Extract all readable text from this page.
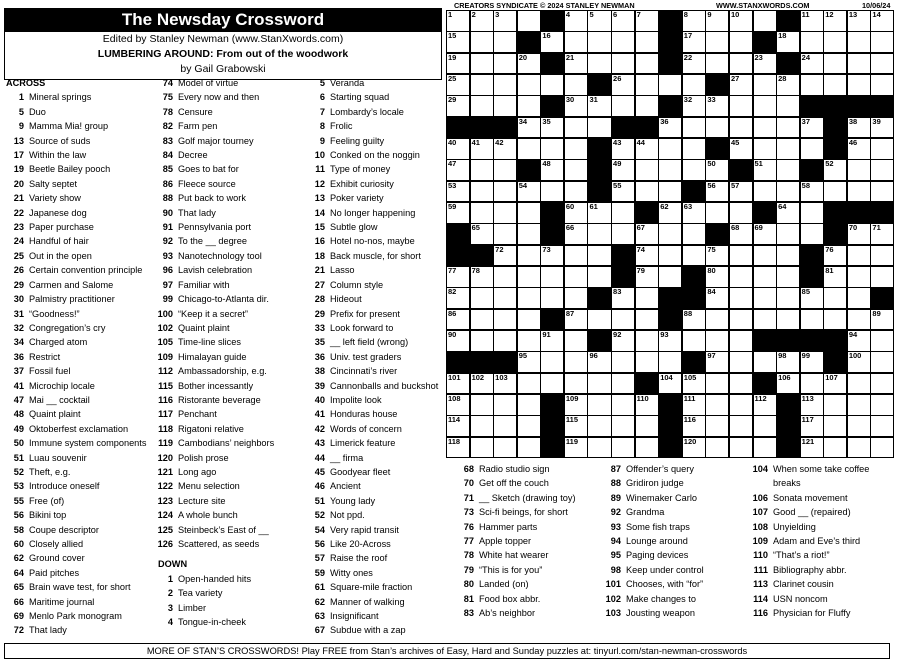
The Newsday Crossword
Edited by Stanley Newman (www.StanXwords.com)
LUMBERING AROUND: From out of the woodwork
by Gail Grabowski
CREATORS SYNDICATE © 2024 STANLEY NEWMAN	WWW.STANXWORDS.COM	10/06/24
1	2	3	4	5	6	7	8	9	10	11 12 13 14
15	16	17	18
19	20	21	22	23	24
25	26	27	28
29	30 31	32 33
34 35	36	37	38 39
40 41 42	43 44	45	46
47	48	49	50	51	52
53	54	55	56 57	58
59	60 61	62 63	64
65	66	67	68 69	70 71
72	73	74	75	76
77 78	79	80	81
82	83	84	85
86	87	88	89
90	91	92	93	94
95	96	97	98 99	100
101 102 103	104 105	106	107
108	109	110	111	112	113
114	115	116	117
118	119	120	121
ACROSS
1 Mineral springs
5 Duo
9 Mamma Mia! group
13 Source of suds
17 Within the law
19 Beetle Bailey pooch
20 Salty septet
21 Variety show
22 Japanese dog
23 Paper purchase
24 Handful of hair
25 Out in the open
26 Certain convention principle
29 Carmen and Salome
30 Palmistry practitioner
31 “Goodness!”
32 Congregation’s cry
34 Charged atom
36 Restrict
37 Fossil fuel
41 Microchip locale
47 Mai __ cocktail
48 Quaint plaint
49 Oktoberfest exclamation
50 Immune system components
51 Luau souvenir
52 Theft, e.g.
53 Introduce oneself
55 Free (of)
56 Bikini top
58 Coupe descriptor
60 Closely allied
62 Ground cover
64 Paid pitches
65 Brain wave test, for short
66 Maritime journal
69 Menlo Park monogram
72 That lady
74 Model of virtue
75 Every now and then
78 Censure
82 Farm pen
83 Golf major tourney
84 Decree
85 Goes to bat for
86 Fleece source
88 Put back to work
90 That lady
91 Pennsylvania port
92 To the __ degree
93 Nanotechnology tool
96 Lavish celebration
97 Familiar with
99 Chicago-to-Atlanta dir.
100 “Keep it a secret”
102 Quaint plaint
105 Time-line slices
109 Himalayan guide
112 Ambassadorship, e.g.
115 Bother incessantly
116 Ristorante beverage
117 Penchant
118 Rigatoni relative
119 Cambodians’ neighbors
120 Polish prose
121 Long ago
122 Menu selection
123 Lecture site
124 A whole bunch
125 Steinbeck’s East of __
126 Scattered, as seeds
DOWN
1 Open-handed hits
2 Tea variety
3 Limber
4 Tongue-in-cheek
5 Veranda
6 Starting squad
7 Lombardy’s locale
8 Frolic
9 Feeling guilty
10 Conked on the noggin
11 Type of money
12 Exhibit curiosity
13 Poker variety
14 No longer happening
15 Subtle glow
16 Hotel no-nos, maybe
18 Back muscle, for short
21 Lasso
27 Column style
28 Hideout
29 Prefix for present
33 Look forward to
35 __ left field (wrong)
36 Univ. test graders
38 Cincinnati’s river
39 Cannonballs and buckshot
40 Impolite look
41 Honduras house
42 Words of concern
43 Limerick feature
44 __ firma
45 Goodyear fleet
46 Ancient
51 Young lady
52 Not ppd.
54 Very rapid transit
56 Like 20-Across
57 Raise the roof
59 Witty ones
61 Square-mile fraction
62 Manner of walking
63 Insignificant
67 Subdue with a zap
68 Radio studio sign
70 Get off the couch
71 __ Sketch (drawing toy)
73 Sci-fi beings, for short
76 Hammer parts
77 Apple topper
78 White hat wearer
79 “This is for you”
80 Landed (on)
81 Food box abbr.
83 Ab’s neighbor
87 Offender’s query
88 Gridiron judge
89 Winemaker Carlo
92 Grandma
93 Some fish traps
94 Lounge around
95 Paging devices
98 Keep under control
101 Chooses, with “for”
102 Make changes to
103 Jousting weapon
104 When some take coffee
breaks
106 Sonata movement
107 Good __ (repaired)
108 Unyielding
109 Adam and Eve’s third
110 “That’s a riot!”
111 Bibliography abbr.
113 Clarinet cousin
114 USN noncom
116 Physician for Fluffy
MORE OF STAN’S CROSSWORDS! Play FREE from Stan’s archives of Easy, Hard and Sunday puzzles at: tinyurl.com/stan-newman-crosswords
